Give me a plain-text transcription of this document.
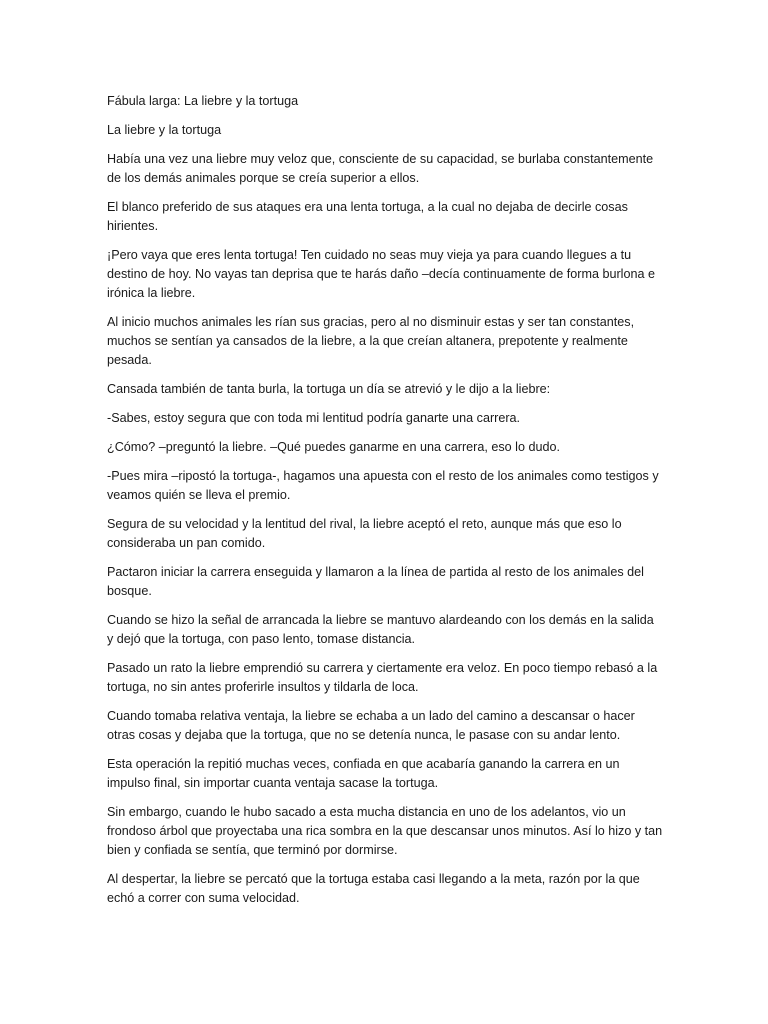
Fábula larga: La liebre y la tortuga

La liebre y la tortuga

Había una vez una liebre muy veloz que, consciente de su capacidad, se burlaba constantemente de los demás animales porque se creía superior a ellos.

El blanco preferido de sus ataques era una lenta tortuga, a la cual no dejaba de decirle cosas hirientes.

¡Pero vaya que eres lenta tortuga! Ten cuidado no seas muy vieja ya para cuando llegues a tu destino de hoy. No vayas tan deprisa que te harás daño –decía continuamente de forma burlona e irónica la liebre.

Al inicio muchos animales les rían sus gracias, pero al no disminuir estas y ser tan constantes, muchos se sentían ya cansados de la liebre, a la que creían altanera, prepotente y realmente pesada.

Cansada también de tanta burla, la tortuga un día se atrevió y le dijo a la liebre:

-Sabes, estoy segura que con toda mi lentitud podría ganarte una carrera.

¿Cómo? –preguntó la liebre. –Qué puedes ganarme en una carrera, eso lo dudo.

-Pues mira –ripostó la tortuga-, hagamos una apuesta con el resto de los animales como testigos y veamos quién se lleva el premio.

Segura de su velocidad y la lentitud del rival, la liebre aceptó el reto, aunque más que eso lo consideraba un pan comido.

Pactaron iniciar la carrera enseguida y llamaron a la línea de partida al resto de los animales del bosque.

Cuando se hizo la señal de arrancada la liebre se mantuvo alardeando con los demás en la salida y dejó que la tortuga, con paso lento, tomase distancia.

Pasado un rato la liebre emprendió su carrera y ciertamente era veloz. En poco tiempo rebasó a la tortuga, no sin antes proferirle insultos y tildarla de loca.

Cuando tomaba relativa ventaja, la liebre se echaba a un lado del camino a descansar o hacer otras cosas y dejaba que la tortuga, que no se detenía nunca, le pasase con su andar lento.

Esta operación la repitió muchas veces, confiada en que acabaría ganando la carrera en un impulso final, sin importar cuanta ventaja sacase la tortuga.

Sin embargo, cuando le hubo sacado a esta mucha distancia en uno de los adelantos, vio un frondoso árbol que proyectaba una rica sombra en la que descansar unos minutos. Así lo hizo y tan bien y confiada se sentía, que terminó por dormirse.

Al despertar, la liebre se percató que la tortuga estaba casi llegando a la meta, razón por la que echó a correr con suma velocidad.
